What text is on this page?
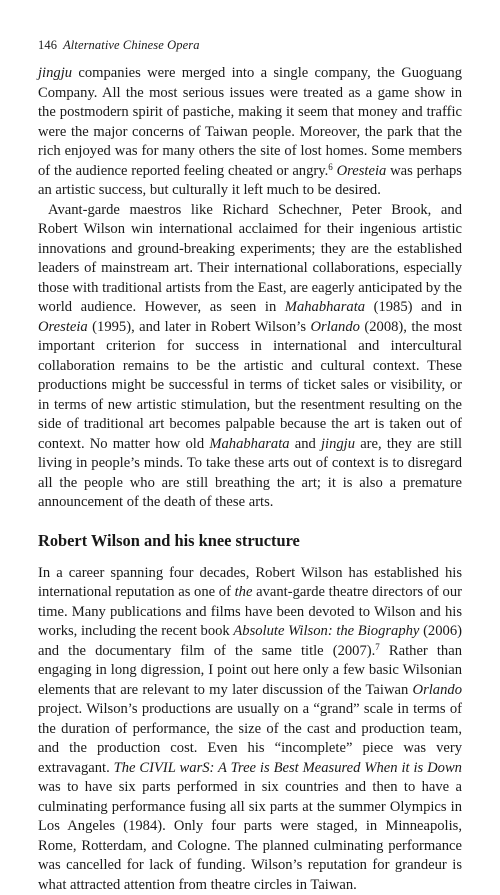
146 Alternative Chinese Opera

jingju companies were merged into a single company, the Guoguang Company. All the most serious issues were treated as a game show in the postmodern spirit of pastiche, making it seem that money and traffic were the major concerns of Taiwan people. Moreover, the park that the rich enjoyed was for many others the site of lost homes. Some members of the audience reported feeling cheated or angry.$^6$ Oresteia was perhaps an artistic success, but culturally it left much to be desired.

Avant-garde maestros like Richard Schechner, Peter Brook, and Robert Wilson win international acclaimed for their ingenious artistic innovations and ground-breaking experiments; they are the established leaders of mainstream art. Their international collaborations, especially those with traditional artists from the East, are eagerly anticipated by the world audience. However, as seen in Mahabharata (1985) and in Oresteia (1995), and later in Robert Wilson’s Orlando (2008), the most important criterion for success in international and intercultural collaboration remains to be the artistic and cultural context. These productions might be successful in terms of ticket sales or visibility, or in terms of new artistic stimulation, but the resentment resulting on the side of traditional art becomes palpable because the art is taken out of context. No matter how old Mahabharata and jingju are, they are still living in people’s minds. To take these arts out of context is to disregard all the people who are still breathing the art; it is also a premature announcement of the death of these arts.

Robert Wilson and his knee structure

In a career spanning four decades, Robert Wilson has established his international reputation as one of the avant-garde theatre directors of our time. Many publications and films have been devoted to Wilson and his works, including the recent book Absolute Wilson: the Biography (2006) and the documentary film of the same title (2007).$^7$ Rather than engaging in long digression, I point out here only a few basic Wilsonian elements that are relevant to my later discussion of the Taiwan Orlando project. Wilson’s productions are usually on a “grand” scale in terms of the duration of performance, the size of the cast and production team, and the production cost. Even his “incomplete” piece was very extravagant. The CIVIL warS: A Tree is Best Measured When it is Down was to have six parts performed in six countries and then to have a culminating performance fusing all six parts at the summer Olympics in Los Angeles (1984). Only four parts were staged, in Minneapolis, Rome, Rotterdam, and Cologne. The planned culminating performance was cancelled for lack of funding. Wilson’s reputation for grandeur is what attracted attention from theatre circles in Taiwan.
